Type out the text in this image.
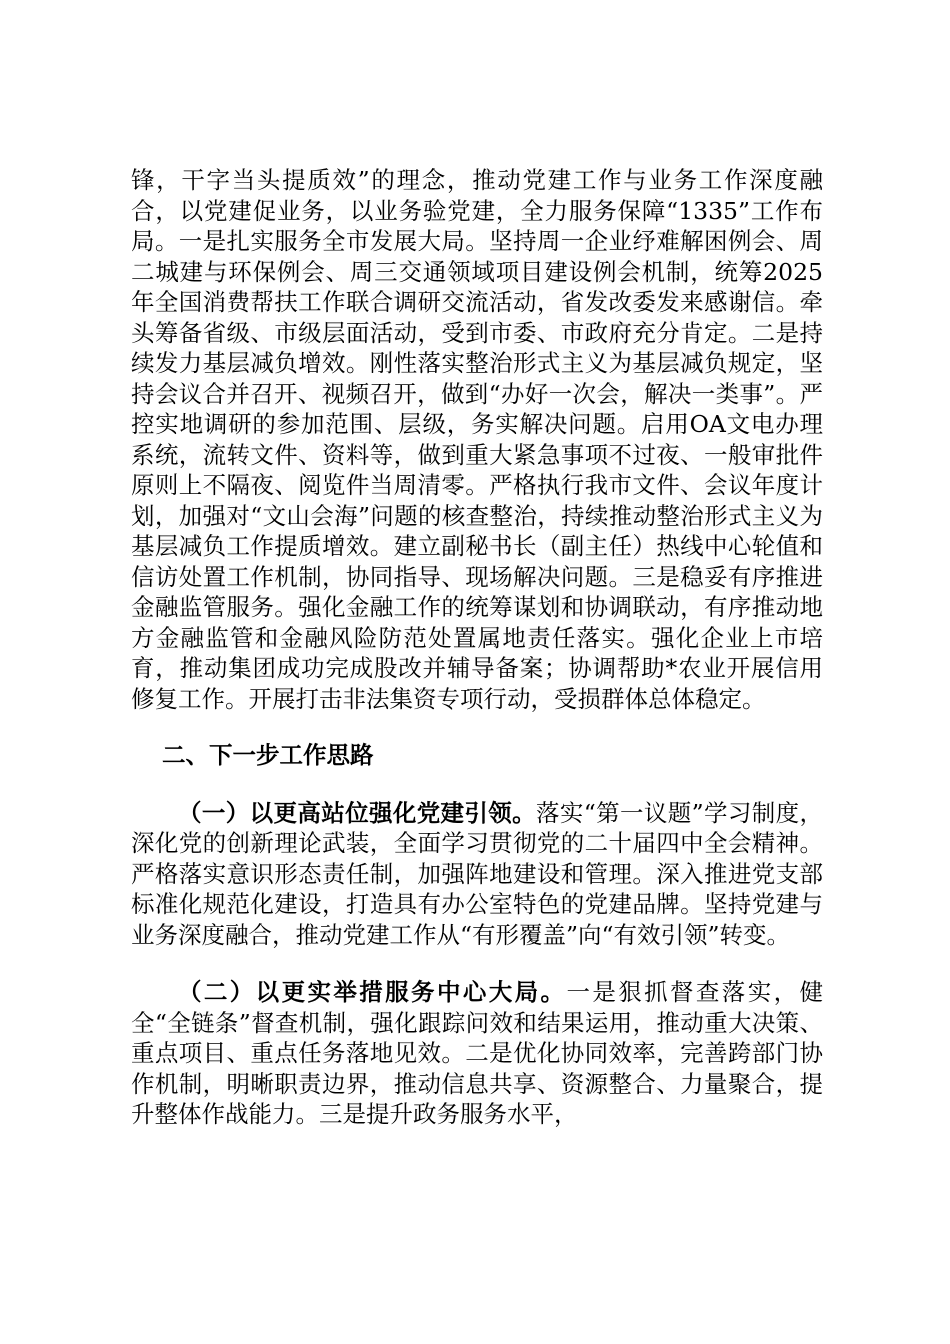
锋，干字当头提质效”的理念，推动党建工作与业务工作深度融合，以党建促业务，以业务验党建，全力服务保障“1335”工作布局。一是扎实服务全市发展大局。坚持周一企业纾难解困例会、周二城建与环保例会、周三交通领域项目建设例会机制，统筹2025年全国消费帮扶工作联合调研交流活动，省发改委发来感谢信。牵头筹备省级、市级层面活动，受到市委、市政府充分肯定。二是持续发力基层减负增效。刚性落实整治形式主义为基层减负规定，坚持会议合并召开、视频召开，做到“办好一次会，解决一类事”。严控实地调研的参加范围、层级，务实解决问题。启用OA文电办理系统，流转文件、资料等，做到重大紧急事项不过夜、一般审批件原则上不隔夜、阅览件当周清零。严格执行我市文件、会议年度计划，加强对“文山会海”问题的核查整治，持续推动整治形式主义为基层减负工作提质增效。建立副秘书长（副主任）热线中心轮值和信访处置工作机制，协同指导、现场解决问题。三是稳妥有序推进金融监管服务。强化金融工作的统筹谋划和协调联动，有序推动地方金融监管和金融风险防范处置属地责任落实。强化企业上市培育，推动集团成功完成股改并辅导备案；协调帮助*农业开展信用修复工作。开展打击非法集资专项行动，受损群体总体稳定。

二、下一步工作思路

（一）以更高站位强化党建引领。落实“第一议题”学习制度，深化党的创新理论武装，全面学习贯彻党的二十届四中全会精神。严格落实意识形态责任制，加强阵地建设和管理。深入推进党支部标准化规范化建设，打造具有办公室特色的党建品牌。坚持党建与业务深度融合，推动党建工作从“有形覆盖”向“有效引领”转变。

（二）以更实举措服务中心大局。一是狠抓督查落实，健全“全链条”督查机制，强化跟踪问效和结果运用，推动重大决策、重点项目、重点任务落地见效。二是优化协同效率，完善跨部门协作机制，明晰职责边界，推动信息共享、资源整合、力量聚合，提升整体作战能力。三是提升政务服务水平，
